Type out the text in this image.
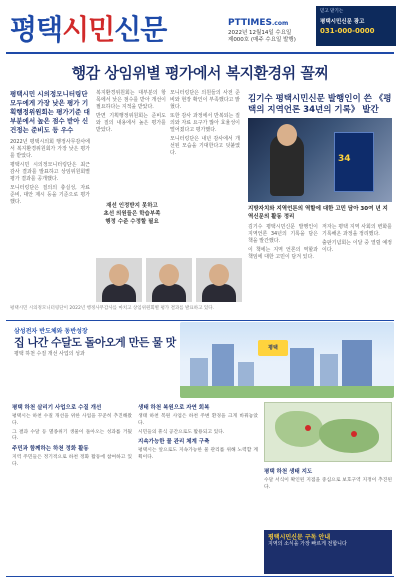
평택시민신문	PTTIMES.com
2022년 12월14일 수요일
제000호 (매주 수요일 발행)
믿고 맡기는
평택시민신문 광고
031-000-0000
행감 상임위별 평가에서 복지환경위 꼴찌
평택시민 시의정모니터링단 모두에게 가장 낮은 평가 기획행정위원회는 평가기준 대부분에서 높은 점수 받아 신건정는 준비도 등 우수

2022년 평택시의회 행정사무감사에서 복지환경위원회가 가장 낮은 평가를 받았다.

평택시민 시의정모니터링단은 최근 감사 결과를 발표하고 상임위원회별 평가 결과를 공개했다.

모니터링단은 질의의 충실성, 자료 준비, 대안 제시 등을 기준으로 평가했다.

복지환경위원회는 대부분의 항목에서 낮은 점수를 받아 개선이 필요하다는 지적을 받았다.

반면 기획행정위원회는 준비도와 질의 내용에서 높은 평가를 받았다.

재선 인정받지 못하고
초선 의원들은 학습부족
행정 수준 수정할 필요

모니터링단은 의원들의 사전 준비와 현장 확인이 부족했다고 밝혔다.

또한 감사 과정에서 반복되는 질의와 자료 요구가 많아 효율성이 떨어졌다고 평가했다.

모니터링단은 내년 감사에서 개선된 모습을 기대한다고 덧붙였다.

김기수 평택시민신문 발행인이 쓴 《평택의 지역언론 34년의 기록》 발간
34
지방자치와 지역언론의 역할에 대한 고민 담아 30여 년 지역신문의 활동 정리

김기수 평택시민신문 발행인이 지역언론 34년의 기록을 담은 책을 발간했다.

이 책에는 지역 언론의 역할과 책임에 대한 고민이 담겨 있다.

저자는 평택 지역 사회의 변화를 기록해온 과정을 정리했다.

출판기념회는 이달 중 열릴 예정이다.

평택시민 시의정모니터링단이 2022년 행정사무감사를 마치고 상임위원회별 평가 결과를 발표하고 있다.
삼성전자 반도체와 동반성장
집 나간 수달도 돌아오게 만든 물 맛
평택 하천 수질 개선 사업의 성과
평택
평택 하천 살리기 사업으로 수질 개선

평택시는 하천 수질 개선을 위한 사업을 꾸준히 추진해왔다.

그 결과 수달 등 멸종위기 생물이 돌아오는 성과를 거뒀다.

주민과 함께하는 하천 정화 활동

지역 주민들은 정기적으로 하천 정화 활동에 참여하고 있다.

생태 하천 복원으로 자연 회복

생태 하천 복원 사업은 하천 주변 환경을 크게 바꿔놓았다.

시민들의 휴식 공간으로도 활용되고 있다.

지속가능한 물 관리 체계 구축

평택시는 앞으로도 지속가능한 물 관리를 위해 노력할 계획이다.

평택 하천 생태 지도

수달 서식이 확인된 지점을 중심으로 보호구역 지정이 추진된다.

평택시민신문 구독 안내
지역의 소식을 가장 빠르게 전합니다
